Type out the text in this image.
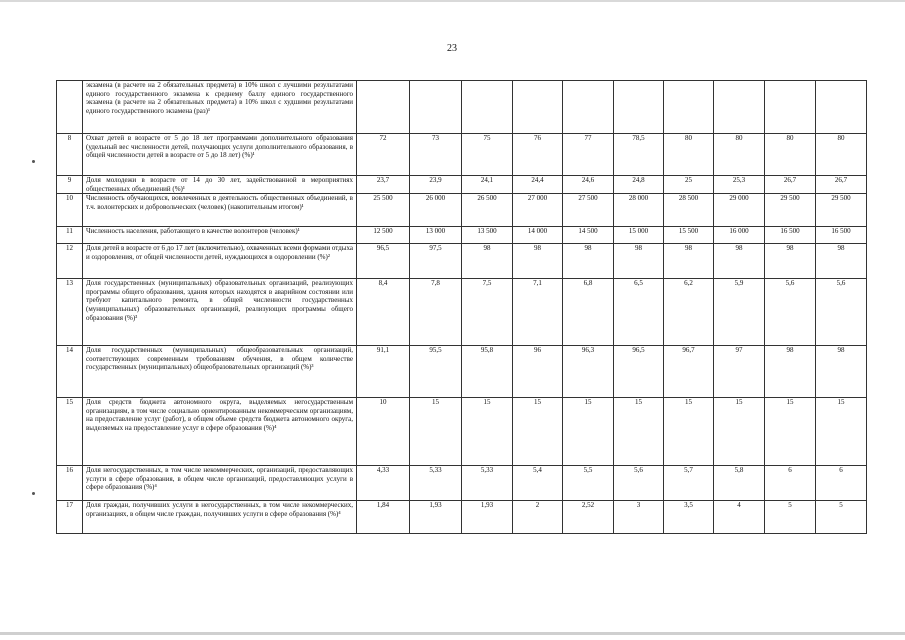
23
	экзамена (в расчете на 2 обязательных предмета) в 10% школ с лучшими результатами единого государственного экзамена к среднему баллу единого государственного экзамена (в расчете на 2 обязательных предмета) в 10% школ с худшими результатами единого государственного экзамена (раз)¹										
8	Охват детей в возрасте от 5 до 18 лет программами дополнительного образования (удельный вес численности детей, получающих услуги дополнительного образования, в общей численности детей в возрасте от 5 до 18 лет) (%)¹	72	73	75	76	77	78,5	80	80	80	80
9	Доля молодежи в возрасте от 14 до 30 лет, задействованной в мероприятиях общественных объединений (%)¹	23,7	23,9	24,1	24,4	24,6	24,8	25	25,3	26,7	26,7
10	Численность обучающихся, вовлеченных в деятельность общественных объединений, в т.ч. волонтерских и добровольческих (человек) (накопительным итогом)¹	25 500	26 000	26 500	27 000	27 500	28 000	28 500	29 000	29 500	29 500
11	Численность населения, работающего в качестве волонтеров (человек)¹	12 500	13 000	13 500	14 000	14 500	15 000	15 500	16 000	16 500	16 500
12	Доля детей в возрасте от 6 до 17 лет (включительно), охваченных всеми формами отдыха и оздоровления, от общей численности детей, нуждающихся в оздоровлении (%)²	96,5	97,5	98	98	98	98	98	98	98	98
13	Доля государственных (муниципальных) образовательных организаций, реализующих программы общего образования, здания которых находятся в аварийном состоянии или требуют капитального ремонта, в общей численности государственных (муниципальных) образовательных организаций, реализующих программы общего образования (%)³	8,4	7,8	7,5	7,1	6,8	6,5	6,2	5,9	5,6	5,6
14	Доля государственных (муниципальных) общеобразовательных организаций, соответствующих современным требованиям обучения, в общем количестве государственных (муниципальных) общеобразовательных организаций (%)³	91,1	95,5	95,8	96	96,3	96,5	96,7	97	98	98
15	Доля средств бюджета автономного округа, выделяемых негосударственным организациям, в том числе социально ориентированным некоммерческим организациям, на предоставление услуг (работ), в общем объеме средств бюджета автономного округа, выделяемых на предоставление услуг в сфере образования (%)⁴	10	15	15	15	15	15	15	15	15	15
16	Доля негосударственных, в том числе некоммерческих, организаций, предоставляющих услуги в сфере образования, в общем числе организаций, предоставляющих услуги в сфере образования (%)⁴	4,33	5,33	5,33	5,4	5,5	5,6	5,7	5,8	6	6
17	Доля граждан, получивших услуги в негосударственных, в том числе некоммерческих, организациях, в общем числе граждан, получивших услуги в сфере образования (%)⁴	1,84	1,93	1,93	2	2,52	3	3,5	4	5	5
